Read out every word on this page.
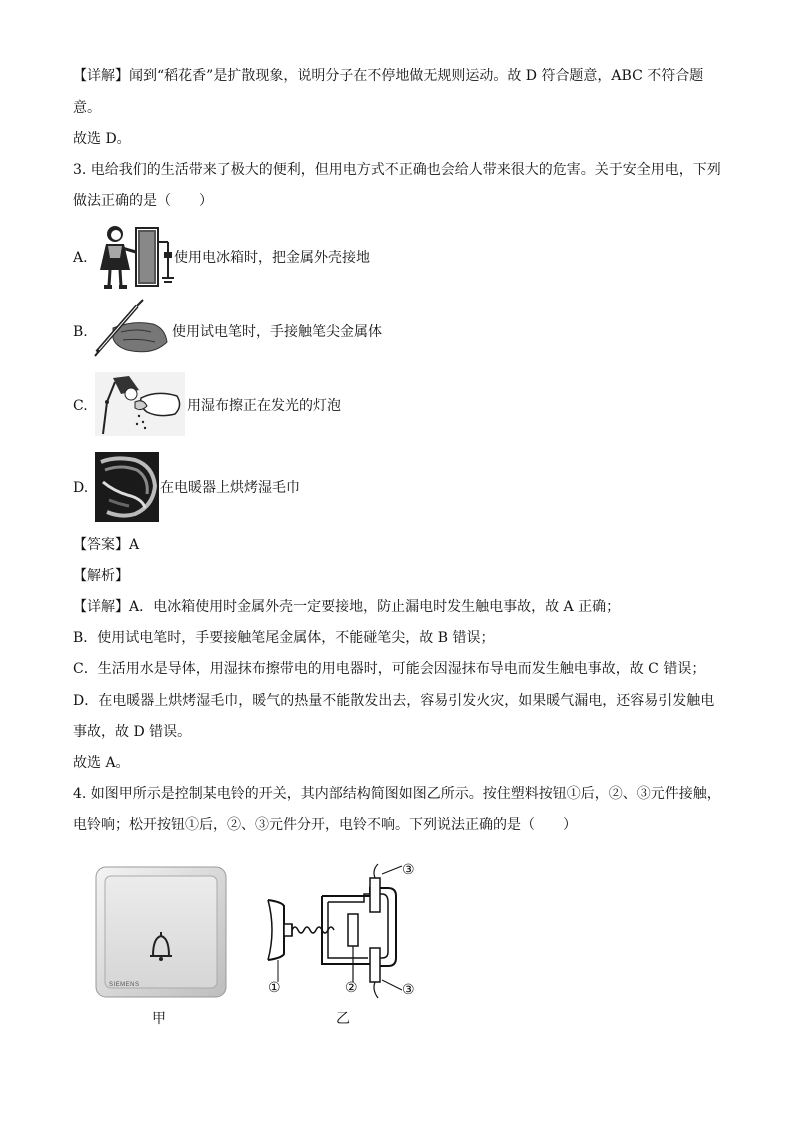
【详解】闻到“稻花香”是扩散现象，说明分子在不停地做无规则运动。故 D 符合题意，ABC 不符合题
意。
故选 D。
3. 电给我们的生活带来了极大的便利，但用电方式不正确也会给人带来很大的危害。关于安全用电，下列
做法正确的是（　　）
A.	使用电冰箱时，把金属外壳接地
B.	使用试电笔时，手接触笔尖金属体
C.	用湿布擦正在发光的灯泡
D.	在电暖器上烘烤湿毛巾
【答案】A
【解析】
【详解】A．电冰箱使用时金属外壳一定要接地，防止漏电时发生触电事故，故 A 正确；
B．使用试电笔时，手要接触笔尾金属体，不能碰笔尖，故 B 错误；
C．生活用水是导体，用湿抹布擦带电的用电器时，可能会因湿抹布导电而发生触电事故，故 C 错误；
D．在电暖器上烘烤湿毛巾，暖气的热量不能散发出去，容易引发火灾，如果暖气漏电，还容易引发触电
事故，故 D 错误。
故选 A。
4. 如图甲所示是控制某电铃的开关，其内部结构简图如图乙所示。按住塑料按钮①后，②、③元件接触，
电铃响；松开按钮①后，②、③元件分开，电铃不响。下列说法正确的是（　　）
SIEMENS
甲
①	②
③
③
乙
